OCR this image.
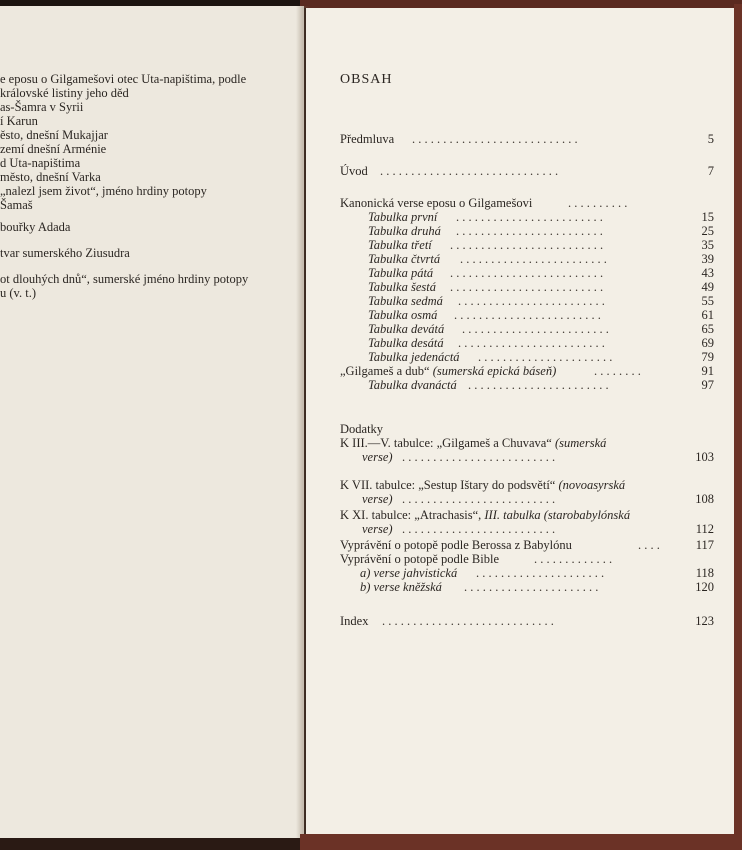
e eposu o Gilgamešovi otec Uta-napištima, podle
královské listiny jeho děd
as-Šamra v Syrii
í Karun
ěsto, dnešní Mukajjar
zemí dnešní Arménie
d Uta-napištima
město, dnešní Varka
„nalezl jsem život“, jméno hrdiny potopy
Šamaš
bouřky Adada
tvar sumerského Ziusudra
ot dlouhých dnů“, sumerské jméno hrdiny potopy
u (v. t.)
OBSAH
Předmluva . . . . . . . . . . . . . . . . . . . . . . . . . . .	5
Úvod . . . . . . . . . . . . . . . . . . . . . . . . . . . . .	7
Kanonická verse eposu o Gilgamešovi	. . . . . . . . . .
Tabulka první . . . . . . . . . . . . . . . . . . . . . . . .	15
Tabulka druhá . . . . . . . . . . . . . . . . . . . . . . . .	25
Tabulka třetí . . . . . . . . . . . . . . . . . . . . . . . . .	35
Tabulka čtvrtá . . . . . . . . . . . . . . . . . . . . . . . .	39
Tabulka pátá . . . . . . . . . . . . . . . . . . . . . . . . .	43
Tabulka šestá . . . . . . . . . . . . . . . . . . . . . . . . .	49
Tabulka sedmá . . . . . . . . . . . . . . . . . . . . . . . .	55
Tabulka osmá . . . . . . . . . . . . . . . . . . . . . . . .	61
Tabulka devátá . . . . . . . . . . . . . . . . . . . . . . . .	65
Tabulka desátá . . . . . . . . . . . . . . . . . . . . . . . .	69
Tabulka jedenáctá . . . . . . . . . . . . . . . . . . . . . .	79
„Gilgameš a dub“ (sumerská epická báseň)	. . . . . . . .	91
Tabulka dvanáctá . . . . . . . . . . . . . . . . . . . . . . .	97
Dodatky
K III.—V. tabulce: „Gilgameš a Chuvava“ (sumerská
verse) . . . . . . . . . . . . . . . . . . . . . . . . .	103
K VII. tabulce: „Sestup Ištary do podsvětí“ (novoasyrská
verse) . . . . . . . . . . . . . . . . . . . . . . . . .	108
K XI. tabulce: „Atrachasis“, III. tabulka (starobabylónská
verse) . . . . . . . . . . . . . . . . . . . . . . . . .	112
Vyprávění o potopě podle Berossa z Babylónu	. . . .	117
Vyprávění o potopě podle Bible	. . . . . . . . . . . . .
a) verse jahvistická . . . . . . . . . . . . . . . . . . . . .	118
b) verse kněžská . . . . . . . . . . . . . . . . . . . . . .	120
Index . . . . . . . . . . . . . . . . . . . . . . . . . . . .	123
